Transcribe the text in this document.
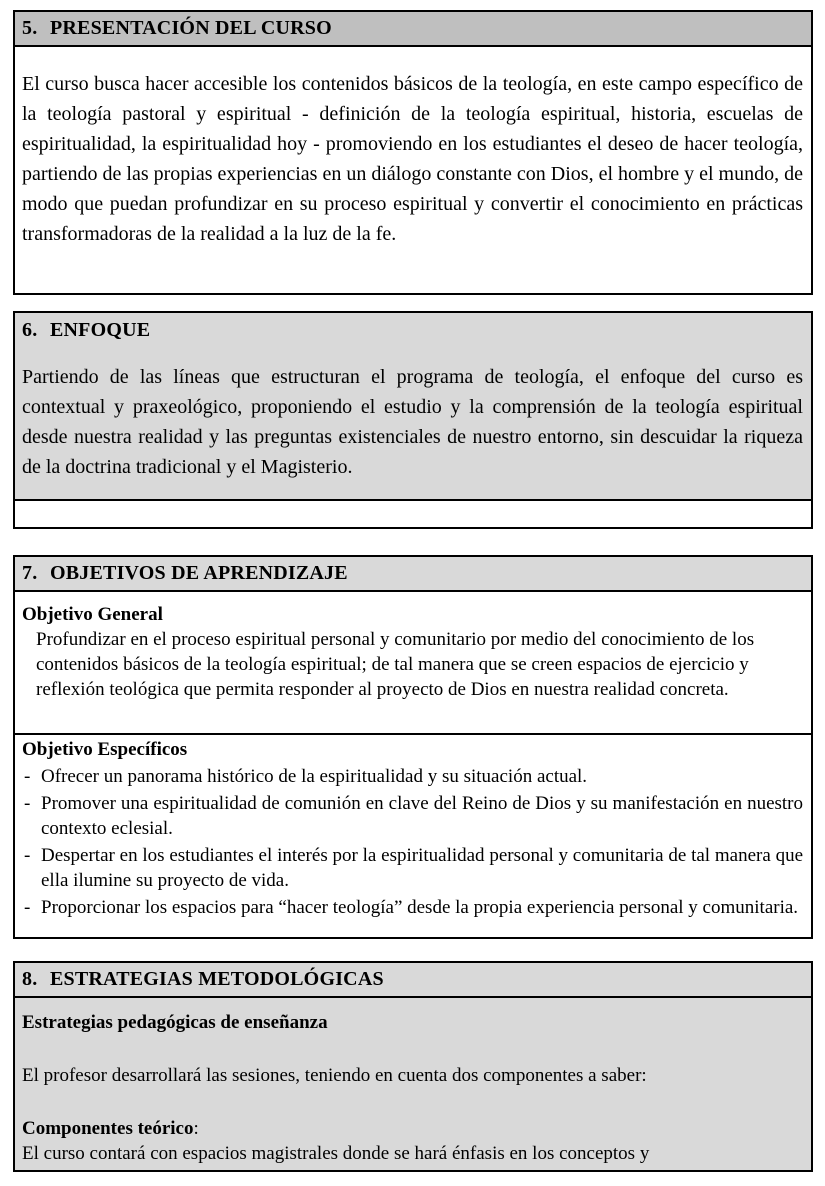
5. PRESENTACIÓN DEL CURSO

El curso busca hacer accesible los contenidos básicos de la teología, en este campo específico de la teología pastoral y espiritual - definición de la teología espiritual, historia, escuelas de espiritualidad, la espiritualidad hoy - promoviendo en los estudiantes el deseo de hacer teología, partiendo de las propias experiencias en un diálogo constante con Dios, el hombre y el mundo, de modo que puedan profundizar en su proceso espiritual y convertir el conocimiento en prácticas transformadoras de la realidad a la luz de la fe.

6. ENFOQUE

Partiendo de las líneas que estructuran el programa de teología, el enfoque del curso es contextual y praxeológico, proponiendo el estudio y la comprensión de la teología espiritual desde nuestra realidad y las preguntas existenciales de nuestro entorno, sin descuidar la riqueza de la doctrina tradicional y el Magisterio.

7. OBJETIVOS DE APRENDIZAJE
Objetivo General

Profundizar en el proceso espiritual personal y comunitario por medio del conocimiento de los contenidos básicos de la teología espiritual; de tal manera que se creen espacios de ejercicio y reflexión teológica que permita responder al proyecto de Dios en nuestra realidad concreta.

Objetivo Específicos
- Ofrecer un panorama histórico de la espiritualidad y su situación actual.
- Promover una espiritualidad de comunión en clave del Reino de Dios y su manifestación en nuestro contexto eclesial.
- Despertar en los estudiantes el interés por la espiritualidad personal y comunitaria de tal manera que ella ilumine su proyecto de vida.
- Proporcionar los espacios para “hacer teología” desde la propia experiencia personal y comunitaria.
8. ESTRATEGIAS METODOLÓGICAS
Estrategias pedagógicas de enseñanza

El profesor desarrollará las sesiones, teniendo en cuenta dos componentes a saber:

Componentes teórico:

El curso contará con espacios magistrales donde se hará énfasis en los conceptos y
